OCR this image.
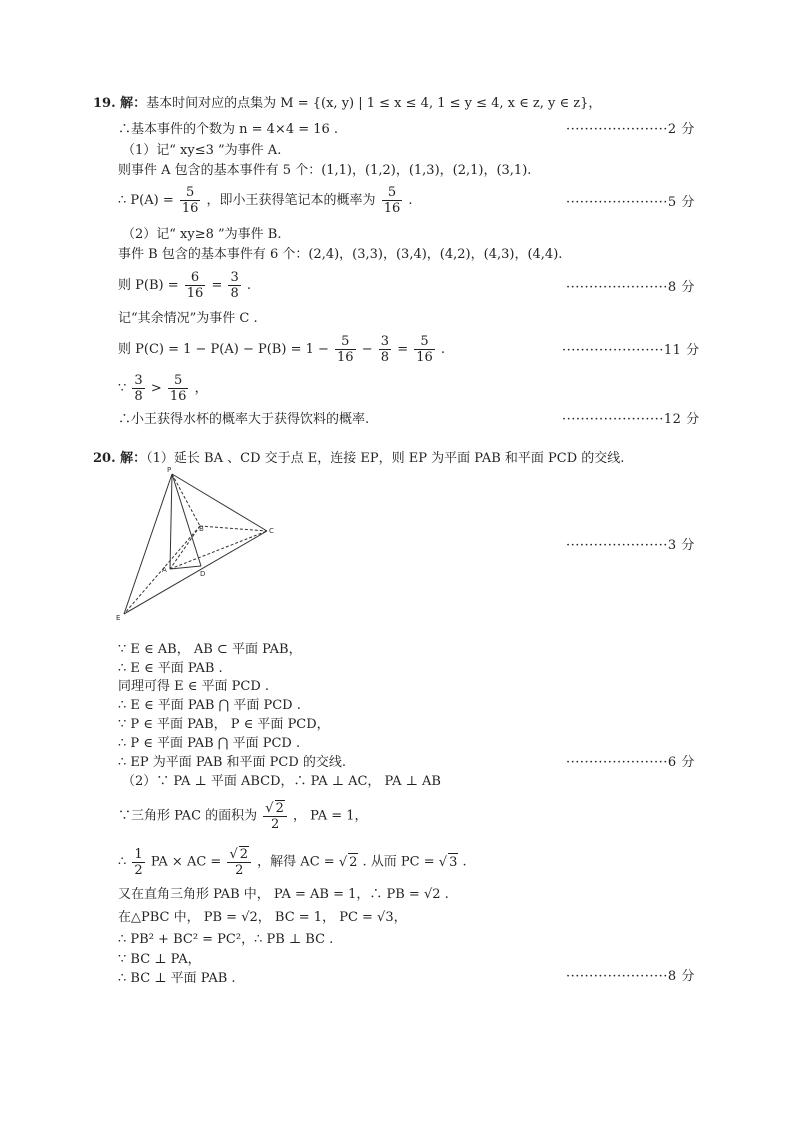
19. 解：基本时间对应的点集为 M = {(x, y) | 1 ≤ x ≤ 4, 1 ≤ y ≤ 4, x ∈ z, y ∈ z}，
∴基本事件的个数为 n = 4×4 = 16 .	······················2 分
（1）记“ xy≤3 ”为事件 A.
则事件 A 包含的基本事件有 5 个：(1,1)，(1,2)，(1,3)，(2,1)，(3,1).
∴ $P(A) = \frac{5}{16}$ ，即小王获得笔记本的概率为 $\frac{5}{16}$ .	······················5 分
（2）记“ xy≥8 ”为事件 B.
事件 B 包含的基本事件有 6 个：(2,4)，(3,3)，(3,4)，(4,2)，(4,3)，(4,4).
则 $P(B) = \frac{6}{16} = \frac{3}{8}$ .	······················8 分
记“其余情况”为事件 C .
则 $P(C) = 1 - P(A) - P(B) = 1 - \frac{5}{16} - \frac{3}{8} = \frac{5}{16}$ .	······················11 分
∵ $\frac{3}{8} > \frac{5}{16}$ ，
∴小王获得水杯的概率大于获得饮料的概率.	······················12 分
20. 解：（1）延长 BA 、CD 交于点 E，连接 EP，则 EP 为平面 PAB 和平面 PCD 的交线.
P
B	C
A	D
E
······················3 分
∵ E ∈ AB， AB ⊂ 平面 PAB，
∴ E ∈ 平面 PAB .
同理可得 E ∈ 平面 PCD .
∴ E ∈ 平面 PAB ⋂ 平面 PCD .
∵ P ∈ 平面 PAB， P ∈ 平面 PCD，
∴ P ∈ 平面 PAB ⋂ 平面 PCD .
∴ EP 为平面 PAB 和平面 PCD 的交线.	······················6 分
（2）∵ PA ⊥ 平面 ABCD，∴ PA ⊥ AC， PA ⊥ AB
∵三角形 PAC 的面积为 $\frac{√ 2}{2}$ ， PA = 1，
∴ $\frac{1}{2}$ PA × AC = $\frac{√ 2}{2}$ ，解得 AC = √ 2 . 从而 PC = √ 3 .
又在直角三角形 PAB 中， PA = AB = 1，∴ PB = √2 .
在△PBC 中， PB = √2， BC = 1， PC = √3，
∴ PB² + BC² = PC²，∴ PB ⊥ BC .
∵ BC ⊥ PA，
∴ BC ⊥ 平面 PAB .	······················8 分
